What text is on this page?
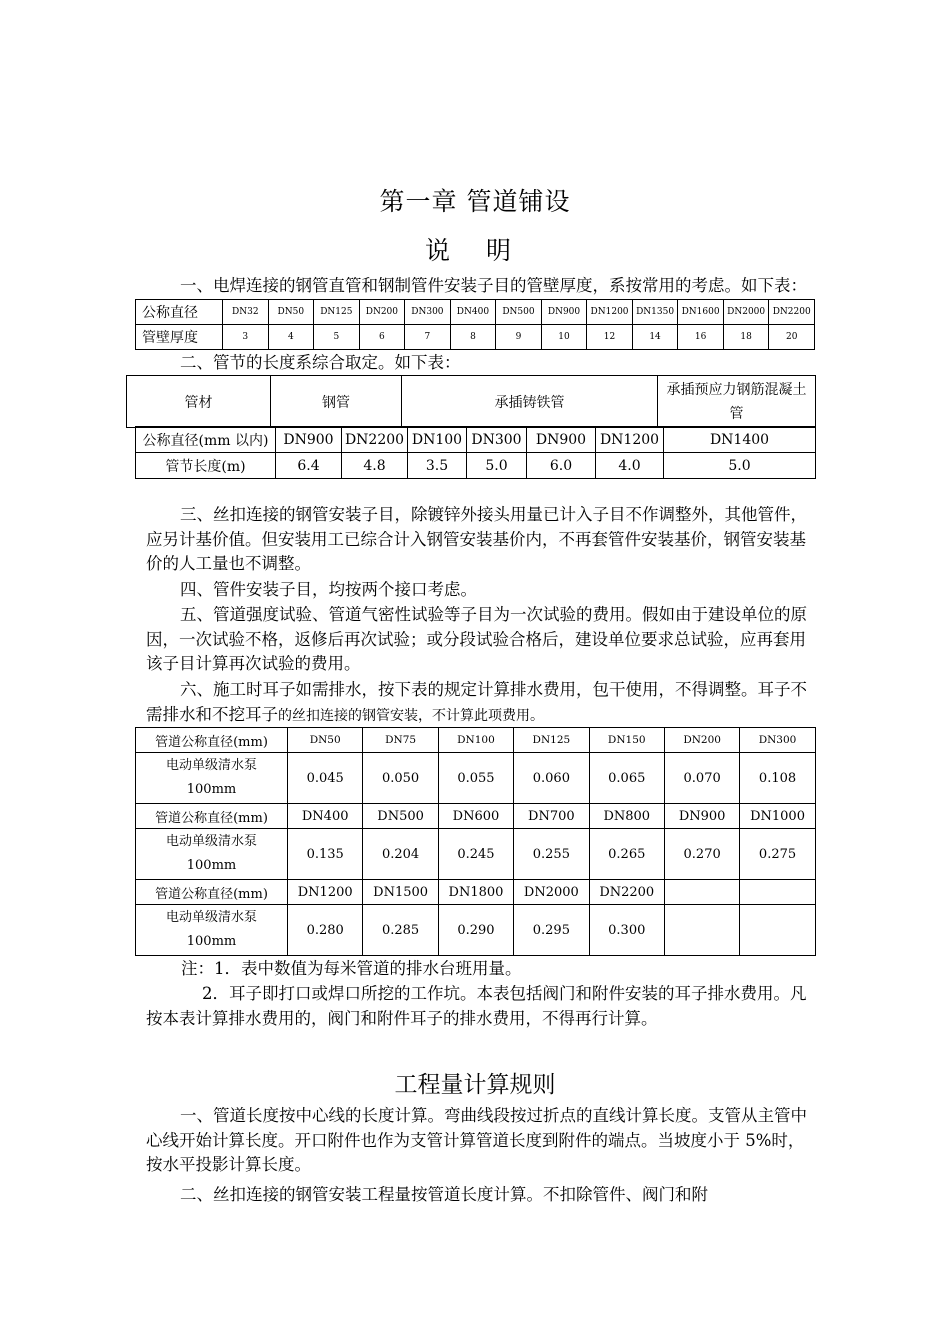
第一章 管道铺设
说 明
一、电焊连接的钢管直管和钢制管件安装子目的管壁厚度，系按常用的考虑。如下表：
公称直径	DN32	DN50	DN125	DN200	DN300	DN400	DN500	DN900	DN1200	DN1350	DN1600	DN2000	DN2200
管壁厚度	3	4	5	6	7	8	9	10	12	14	16	18	20
二、管节的长度系综合取定。如下表：
管材	钢管	承插铸铁管	承插预应力钢筋混凝土管
公称直径(mm 以内)	DN900	DN2200	DN100	DN300	DN900	DN1200	DN1400
管节长度(m)	6.4	4.8	3.5	5.0	6.0	4.0	5.0
三、丝扣连接的钢管安装子目，除镀锌外接头用量已计入子目不作调整外，其他管件，应另计基价值。但安装用工已综合计入钢管安装基价内，不再套管件安装基价，钢管安装基价的人工量也不调整。
四、管件安装子目，均按两个接口考虑。
五、管道强度试验、管道气密性试验等子目为一次试验的费用。假如由于建设单位的原因，一次试验不格，返修后再次试验；或分段试验合格后，建设单位要求总试验，应再套用该子目计算再次试验的费用。
六、施工时耳子如需排水，按下表的规定计算排水费用，包干使用，不得调整。耳子不需排水和不挖耳子的丝扣连接的钢管安装，不计算此项费用。
管道公称直径(mm)	DN50	DN75	DN100	DN125	DN150	DN200	DN300

电动单级清水泵
100mm	0.045	0.050	0.055	0.060	0.065	0.070	0.108
管道公称直径(mm)	DN400	DN500	DN600	DN700	DN800	DN900	DN1000

电动单级清水泵
100mm	0.135	0.204	0.245	0.255	0.265	0.270	0.275
管道公称直径(mm)	DN1200	DN1500	DN1800	DN2000	DN2200		

电动单级清水泵
100mm	0.280	0.285	0.290	0.295	0.300		
注：1．表中数值为每米管道的排水台班用量。
2．耳子即打口或焊口所挖的工作坑。本表包括阀门和附件安装的耳子排水费用。凡按本表计算排水费用的，阀门和附件耳子的排水费用，不得再行计算。
工程量计算规则
一、管道长度按中心线的长度计算。弯曲线段按过折点的直线计算长度。支管从主管中心线开始计算长度。开口附件也作为支管计算管道长度到附件的端点。当坡度小于 5%时，按水平投影计算长度。
二、丝扣连接的钢管安装工程量按管道长度计算。不扣除管件、阀门和附
